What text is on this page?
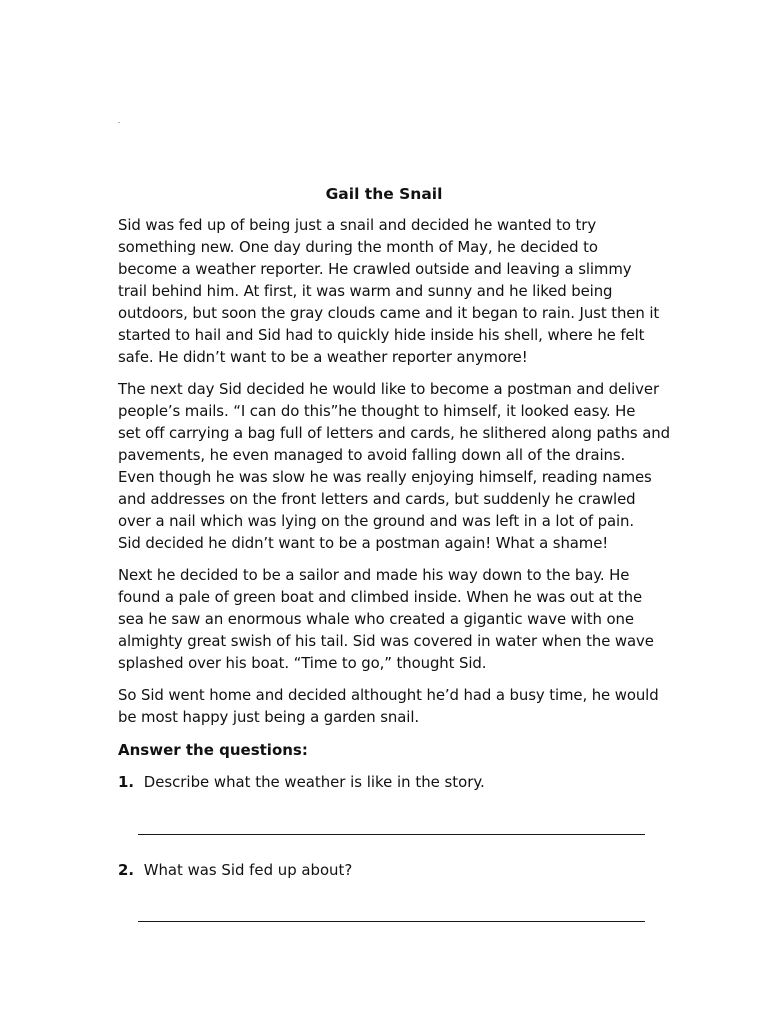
Gail the Snail

Sid was fed up of being just a snail and decided he wanted to try
something new. One day during the month of May, he decided to
become a weather reporter. He crawled outside and leaving a slimmy
trail behind him. At first, it was warm and sunny and he liked being
outdoors, but soon the gray clouds came and it began to rain. Just then it
started to hail and Sid had to quickly hide inside his shell, where he felt
safe. He didn’t want to be a weather reporter anymore!

The next day Sid decided he would like to become a postman and deliver
people’s mails. “I can do this”he thought to himself, it looked easy. He
set off carrying a bag full of letters and cards, he slithered along paths and
pavements, he even managed to avoid falling down all of the drains.
Even though he was slow he was really enjoying himself, reading names
and addresses on the front letters and cards, but suddenly he crawled
over a nail which was lying on the ground and was left in a lot of pain.
Sid decided he didn’t want to be a postman again! What a shame!

Next he decided to be a sailor and made his way down to the bay. He
found a pale of green boat and climbed inside. When he was out at the
sea he saw an enormous whale who created a gigantic wave with one
almighty great swish of his tail. Sid was covered in water when the wave
splashed over his boat. “Time to go,” thought Sid.

So Sid went home and decided althought he’d had a busy time, he would
be most happy just being a garden snail.

Answer the questions:
1. Describe what the weather is like in the story.
2. What was Sid fed up about?
